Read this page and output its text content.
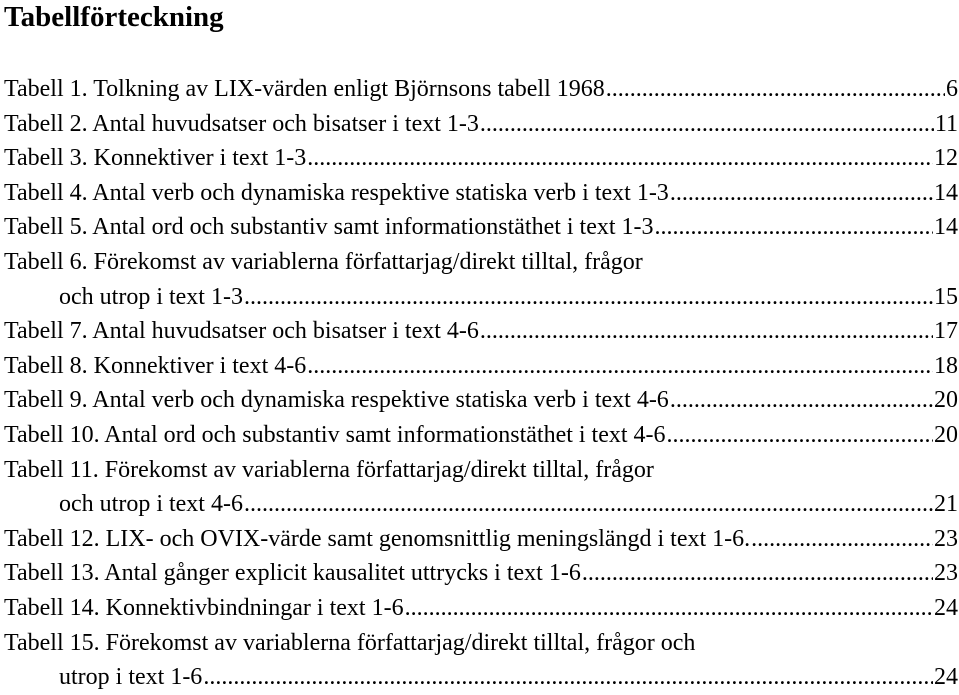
Tabellförteckning
Tabell 1. Tolkning av LIX-värden enligt Björnsons tabell 1968 .....	6
Tabell 2. Antal huvudsatser och bisatser i text 1-3 .....	11
Tabell 3. Konnektiver i text 1-3 .....	12
Tabell 4. Antal verb och dynamiska respektive statiska verb i text 1-3 .....	14
Tabell 5. Antal ord och substantiv samt informationstäthet i text 1-3 .....	14
Tabell 6. Förekomst av variablerna författarjag/direkt tilltal, frågor
och utrop i text 1-3 .....	15
Tabell 7. Antal huvudsatser och bisatser i text 4-6 .....	17
Tabell 8. Konnektiver i text 4-6 .....	18
Tabell 9. Antal verb och dynamiska respektive statiska verb i text 4-6 .....	20
Tabell 10. Antal ord och substantiv samt informationstäthet i text 4-6 .....	20
Tabell 11. Förekomst av variablerna författarjag/direkt tilltal, frågor
och utrop i text 4-6 .....	21
Tabell 12. LIX- och OVIX-värde samt genomsnittlig meningslängd i text 1-6. .....	23
Tabell 13. Antal gånger explicit kausalitet uttrycks i text 1-6 .....	23
Tabell 14. Konnektivbindningar i text 1-6 .....	24
Tabell 15. Förekomst av variablerna författarjag/direkt tilltal, frågor och
utrop i text 1-6 .....	24
